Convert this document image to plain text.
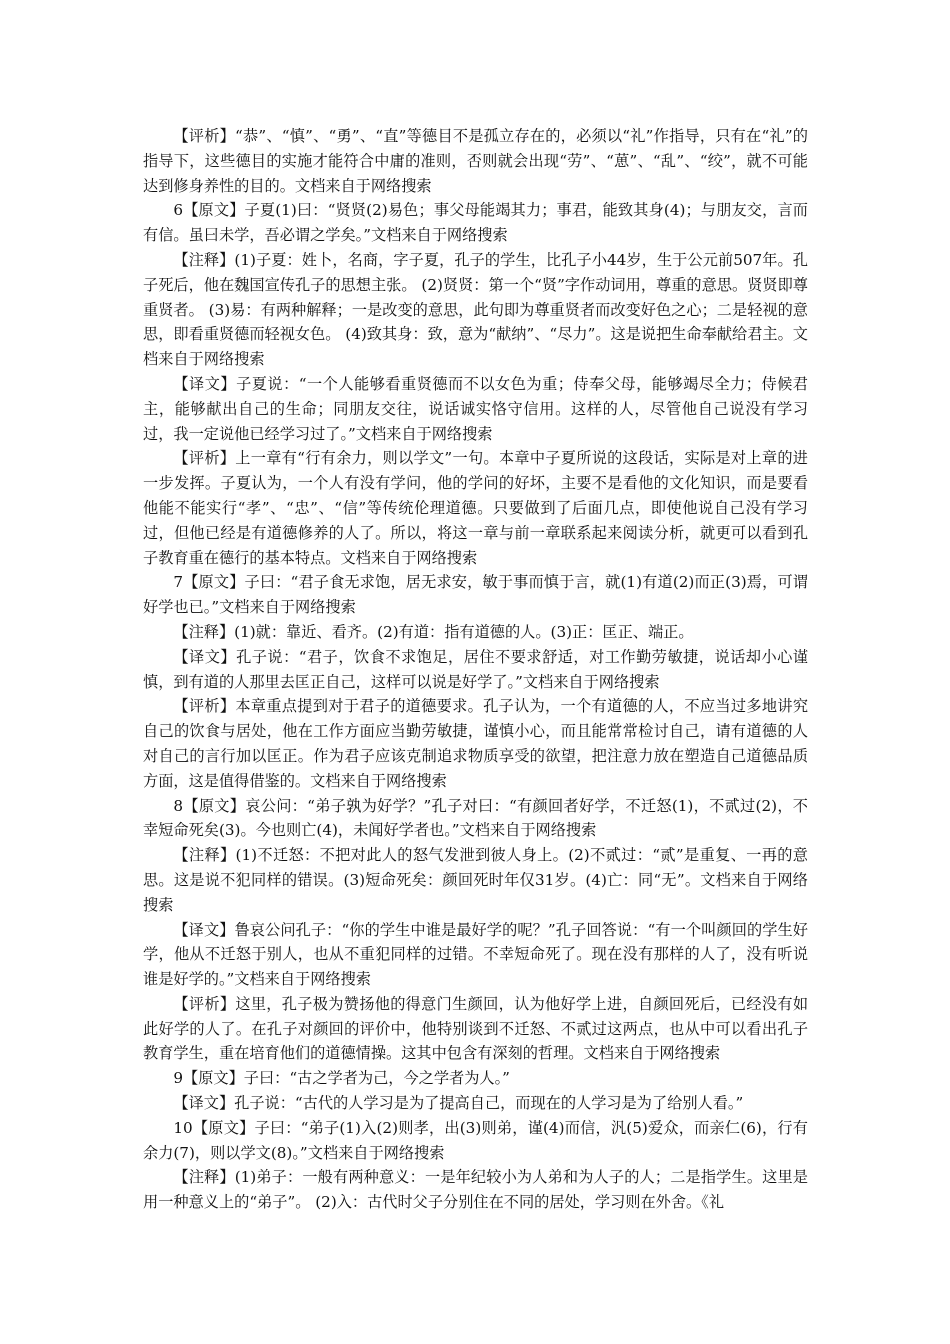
【评析】“恭”、“慎”、“勇”、“直”等德目不是孤立存在的，必须以“礼”作指导，只有在“礼”的指导下，这些德目的实施才能符合中庸的准则，否则就会出现“劳”、“葸”、“乱”、“绞”，就不可能达到修身养性的目的。文档来自于网络搜索

6【原文】子夏(1)曰：“贤贤(2)易色；事父母能竭其力；事君，能致其身(4)；与朋友交，言而有信。虽曰未学，吾必谓之学矣。”文档来自于网络搜索

【注释】(1)子夏：姓卜，名商，字子夏，孔子的学生，比孔子小44岁，生于公元前507年。孔子死后，他在魏国宣传孔子的思想主张。 (2)贤贤：第一个“贤”字作动词用，尊重的意思。贤贤即尊重贤者。 (3)易：有两种解释；一是改变的意思，此句即为尊重贤者而改变好色之心；二是轻视的意思，即看重贤德而轻视女色。 (4)致其身：致，意为“献纳”、“尽力”。这是说把生命奉献给君主。文档来自于网络搜索

【译文】子夏说：“一个人能够看重贤德而不以女色为重；侍奉父母，能够竭尽全力；侍候君主，能够献出自己的生命；同朋友交往，说话诚实恪守信用。这样的人，尽管他自己说没有学习过，我一定说他已经学习过了。”文档来自于网络搜索

【评析】上一章有“行有余力，则以学文”一句。本章中子夏所说的这段话，实际是对上章的进一步发挥。子夏认为，一个人有没有学问，他的学问的好坏，主要不是看他的文化知识，而是要看他能不能实行“孝”、“忠”、“信”等传统伦理道德。只要做到了后面几点，即使他说自己没有学习过，但他已经是有道德修养的人了。所以，将这一章与前一章联系起来阅读分析，就更可以看到孔子教育重在德行的基本特点。文档来自于网络搜索

7【原文】子曰：“君子食无求饱，居无求安，敏于事而慎于言，就(1)有道(2)而正(3)焉，可谓好学也已。”文档来自于网络搜索

【注释】(1)就：靠近、看齐。(2)有道：指有道德的人。(3)正：匡正、端正。

【译文】孔子说：“君子，饮食不求饱足，居住不要求舒适，对工作勤劳敏捷，说话却小心谨慎，到有道的人那里去匡正自己，这样可以说是好学了。”文档来自于网络搜索

【评析】本章重点提到对于君子的道德要求。孔子认为，一个有道德的人，不应当过多地讲究自己的饮食与居处，他在工作方面应当勤劳敏捷，谨慎小心，而且能常常检讨自己，请有道德的人对自己的言行加以匡正。作为君子应该克制追求物质享受的欲望，把注意力放在塑造自己道德品质方面，这是值得借鉴的。文档来自于网络搜索

8【原文】哀公问：“弟子孰为好学？”孔子对曰：“有颜回者好学，不迁怒(1)，不贰过(2)，不幸短命死矣(3)。今也则亡(4)，未闻好学者也。”文档来自于网络搜索

【注释】(1)不迁怒：不把对此人的怒气发泄到彼人身上。(2)不贰过：“贰”是重复、一再的意思。这是说不犯同样的错误。(3)短命死矣：颜回死时年仅31岁。(4)亡：同“无”。文档来自于网络搜索

【译文】鲁哀公问孔子：“你的学生中谁是最好学的呢？”孔子回答说：“有一个叫颜回的学生好学，他从不迁怒于别人，也从不重犯同样的过错。不幸短命死了。现在没有那样的人了，没有听说谁是好学的。”文档来自于网络搜索

【评析】这里，孔子极为赞扬他的得意门生颜回，认为他好学上进，自颜回死后，已经没有如此好学的人了。在孔子对颜回的评价中，他特别谈到不迁怒、不贰过这两点，也从中可以看出孔子教育学生，重在培育他们的道德情操。这其中包含有深刻的哲理。文档来自于网络搜索

9【原文】子曰：“古之学者为己，今之学者为人。”

【译文】孔子说：“古代的人学习是为了提高自己，而现在的人学习是为了给别人看。”

10【原文】子曰：“弟子(1)入(2)则孝，出(3)则弟，谨(4)而信，汎(5)爱众，而亲仁(6)，行有余力(7)，则以学文(8)。”文档来自于网络搜索

【注释】(1)弟子：一般有两种意义：一是年纪较小为人弟和为人子的人；二是指学生。这里是用一种意义上的“弟子”。 (2)入：古代时父子分别住在不同的居处，学习则在外舍。《礼
